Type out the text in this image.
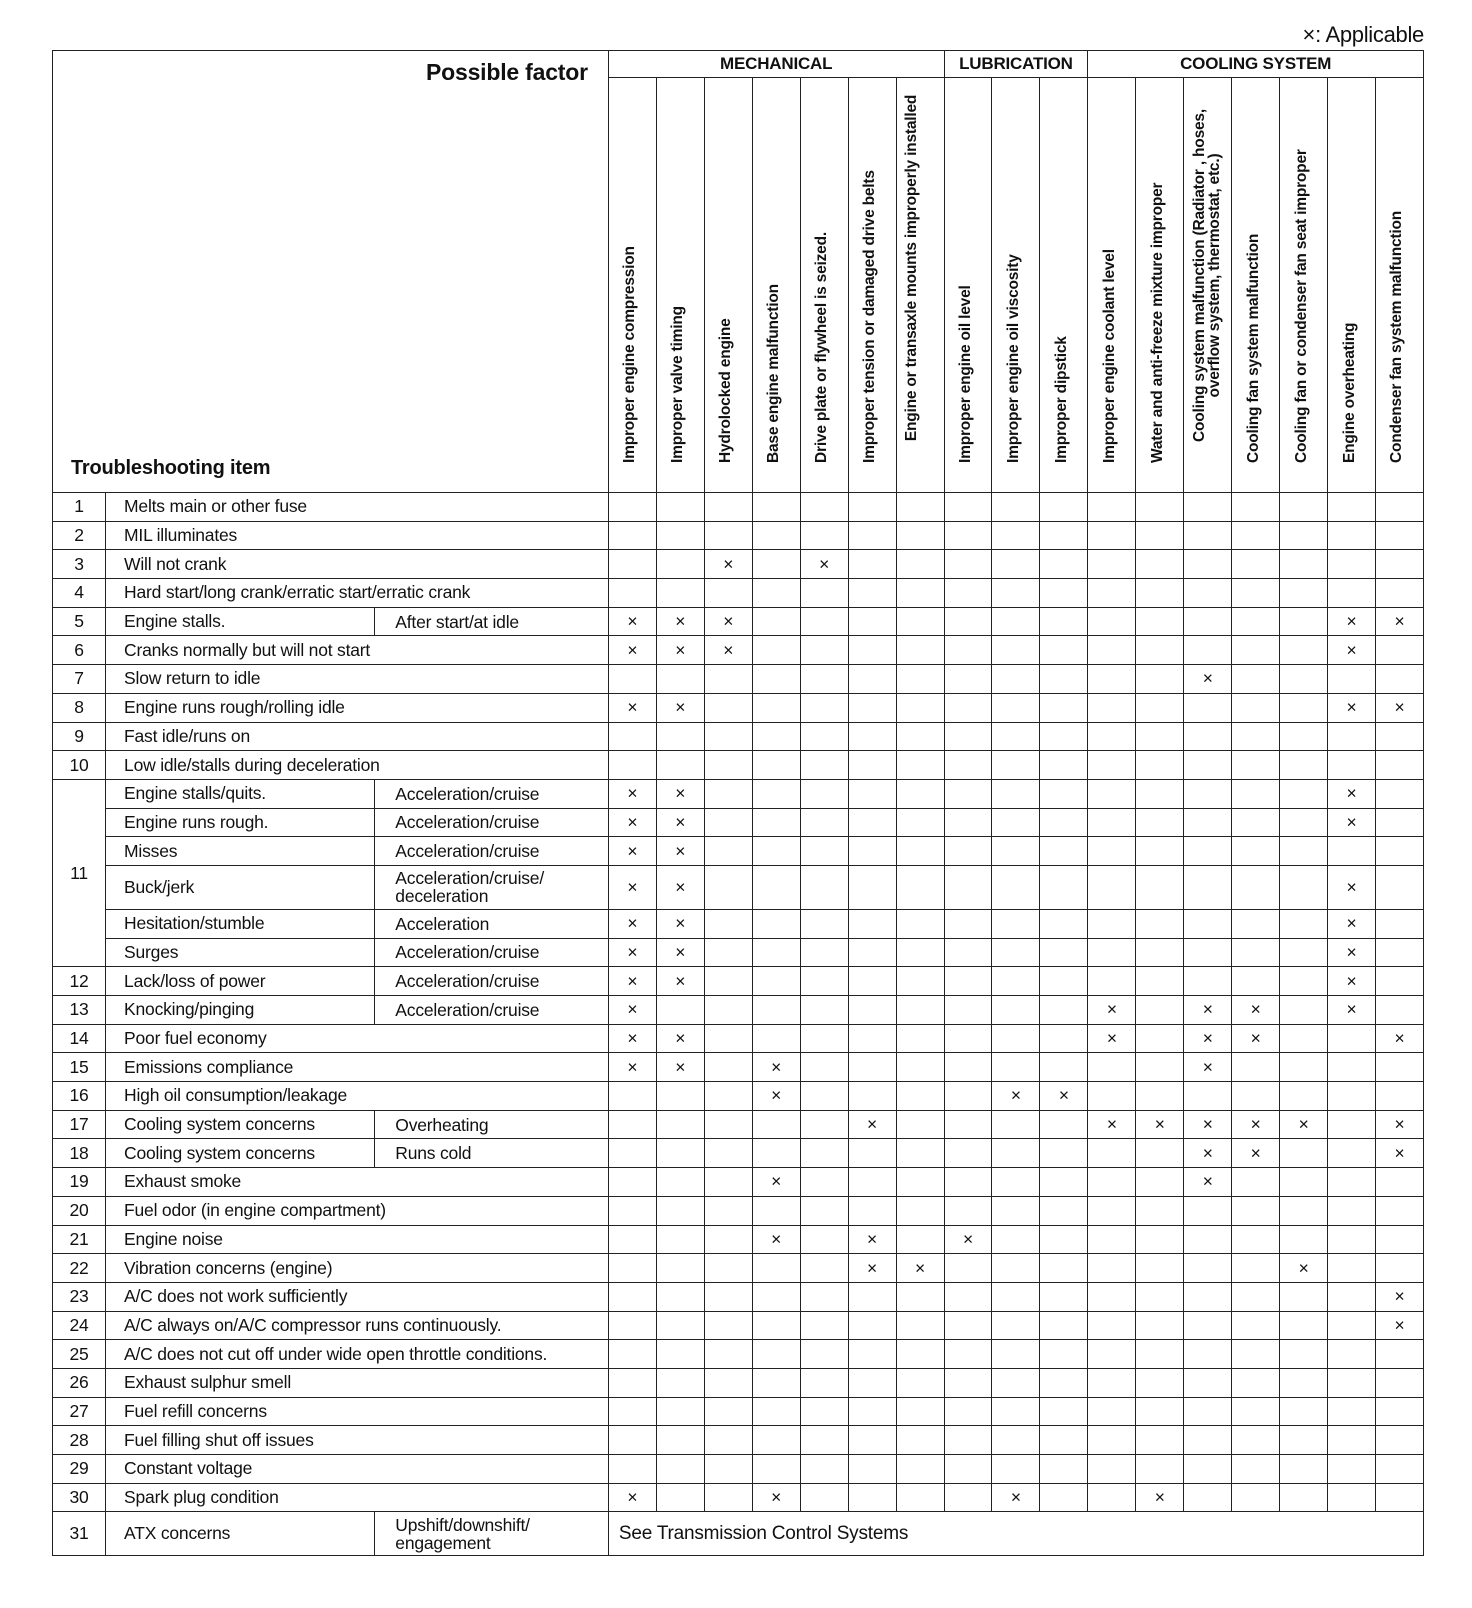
×: Applicable
Possible factor
Troubleshooting item			MECHANICAL							LUBRICATION			COOLING SYSTEM						

			Improper engine compression	Improper valve timing	Hydrolocked engine	Base engine malfunction	Drive plate or flywheel is seized.	Improper tension or damaged drive belts	Engine or transaxle mounts improperly installed	Improper engine oil level	Improper engine oil viscosity	Improper dipstick	Improper engine coolant level	Water and anti-freeze mixture improper	Cooling system malfunction (Radiator , hoses, overflow system, thermostat, etc.)	Cooling fan system malfunction	Cooling fan or condenser fan seat improper	Engine overheating	Condenser fan system malfunction

1	Melts main or other fuse																		
2	MIL illuminates																		
3	Will not crank				×		×												
4	Hard start/long crank/erratic start/erratic crank																		
5	Engine stalls.	After start/at idle	×	×	×													×	×
6	Cranks normally but will not start		×	×	×													×	
7	Slow return to idle														×				
8	Engine runs rough/rolling idle		×	×														×	×
9	Fast idle/runs on																		
10	Low idle/stalls during deceleration																		
11	Engine stalls/quits.	Acceleration/cruise	×	×														×	
	Engine runs rough.	Acceleration/cruise	×	×														×	
	Misses	Acceleration/cruise	×	×															
	Buck/jerk	Acceleration/cruise/ deceleration	×	×														×	
	Hesitation/stumble	Acceleration	×	×														×	
	Surges	Acceleration/cruise	×	×														×	
12	Lack/loss of power	Acceleration/cruise	×	×														×	
13	Knocking/pinging	Acceleration/cruise	×										×		×	×		×	
14	Poor fuel economy		×	×									×		×	×			×
15	Emissions compliance		×	×		×									×				
16	High oil consumption/leakage					×					×	×							
17	Cooling system concerns	Overheating						×					×	×	×	×	×		×
18	Cooling system concerns	Runs cold													×	×			×
19	Exhaust smoke					×									×				
20	Fuel odor (in engine compartment)																		
21	Engine noise					×		×		×									
22	Vibration concerns (engine)							×	×								×		
23	A/C does not work sufficiently																		×
24	A/C always on/A/C compressor runs continuously.																		×
25	A/C does not cut off under wide open throttle conditions.																		
26	Exhaust sulphur smell																		
27	Fuel refill concerns																		
28	Fuel filling shut off issues																		
29	Constant voltage																		
30	Spark plug condition		×			×					×			×					
31	ATX concerns	Upshift/downshift/ engagement	See Transmission Control Systems																
